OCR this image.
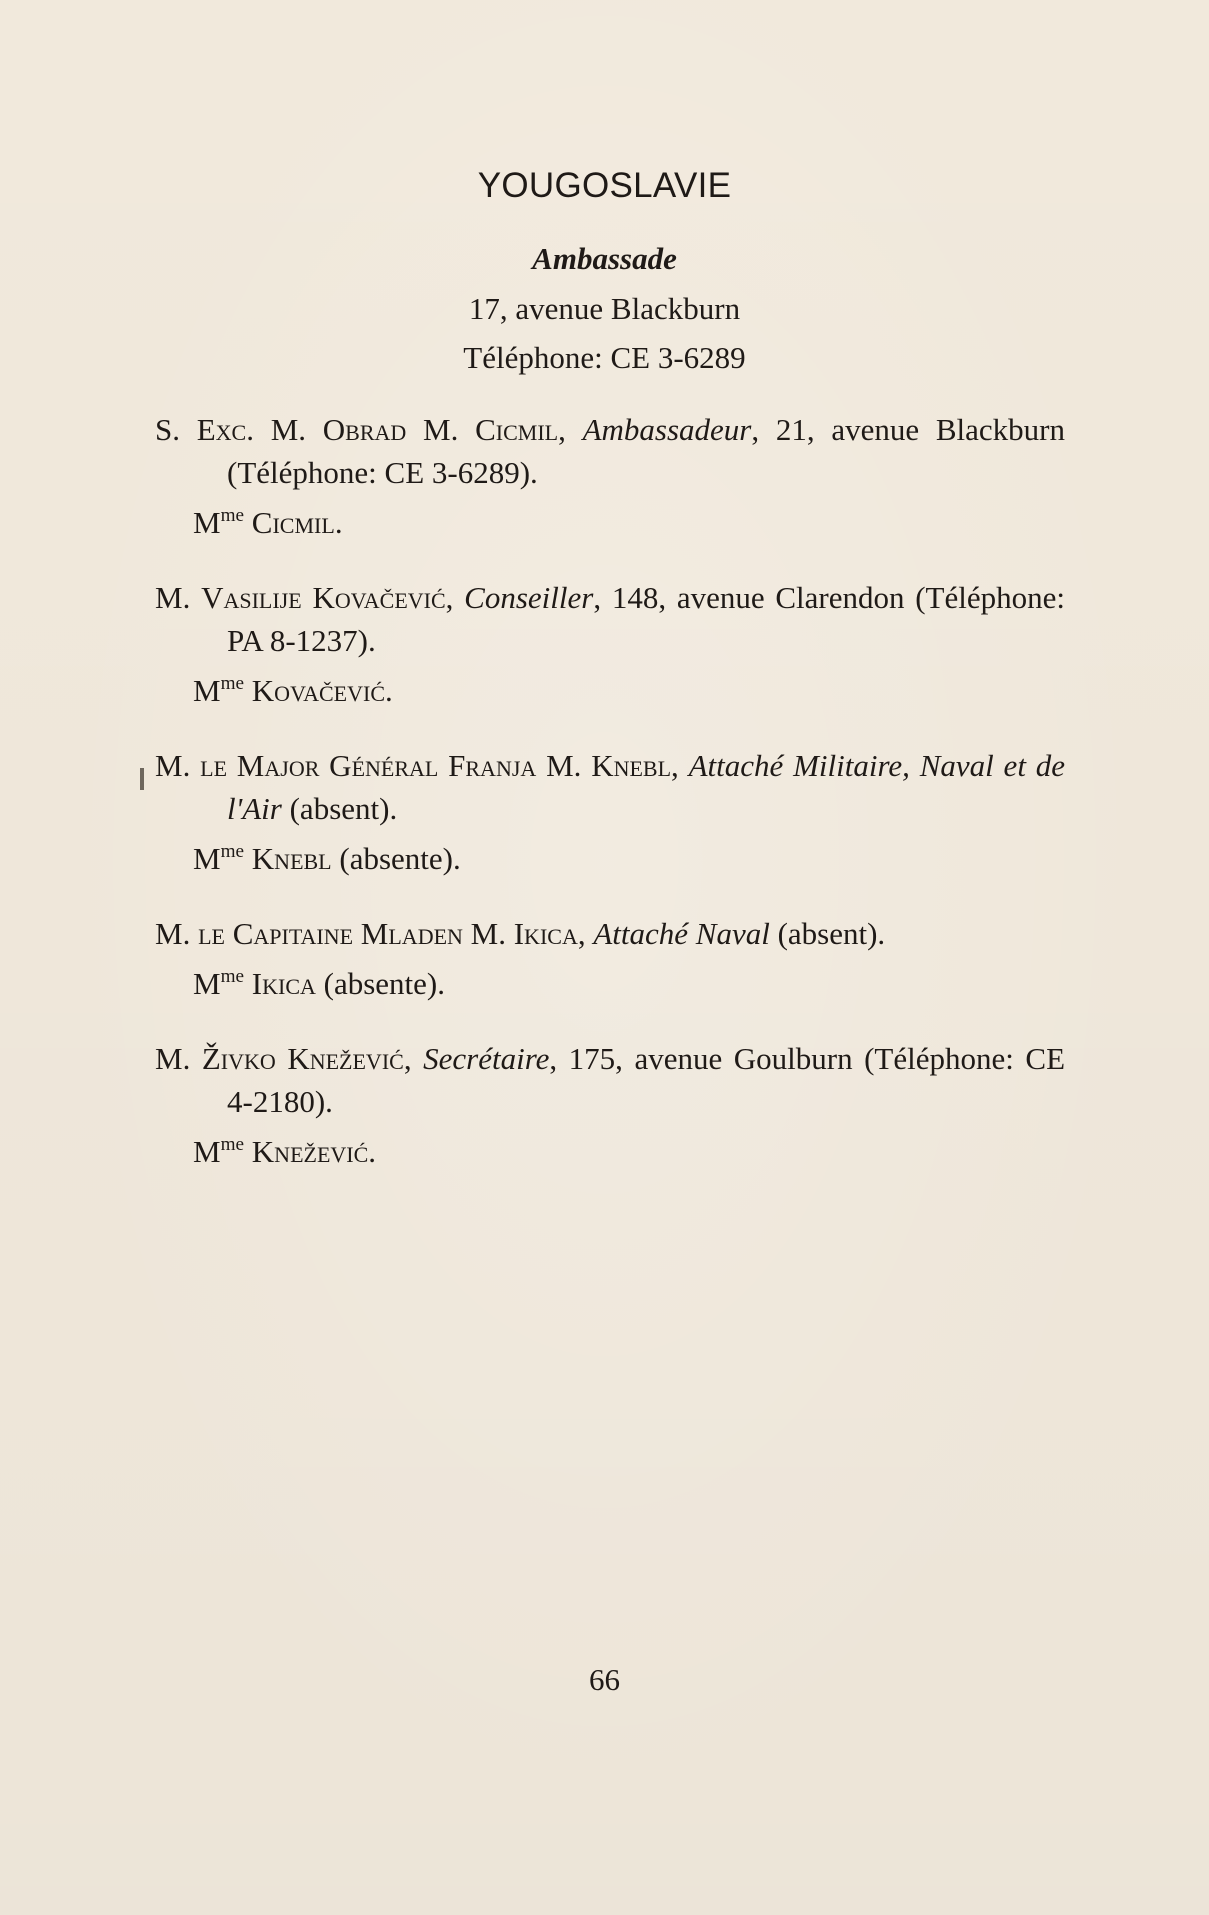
YOUGOSLAVIE
Ambassade
17, avenue Blackburn
Téléphone: CE 3-6289

S. Exc. M. Obrad M. Cicmil, Ambassadeur, 21, avenue Blackburn (Téléphone: CE 3-6289).

$M^{me}$ Cicmil.

M. Vasilije Kovačević, Conseiller, 148, avenue Clarendon (Téléphone: PA 8-1237).

$M^{me}$ Kovačević.

M. le Major Général Franja M. Knebl, Attaché Militaire, Naval et de l'Air (absent).

$M^{me}$ Knebl (absente).

M. le Capitaine Mladen M. Ikica, Attaché Naval (absent).

$M^{me}$ Ikica (absente).

M. Živko Knežević, Secrétaire, 175, avenue Goulburn (Téléphone: CE 4-2180).

$M^{me}$ Knežević.

66
